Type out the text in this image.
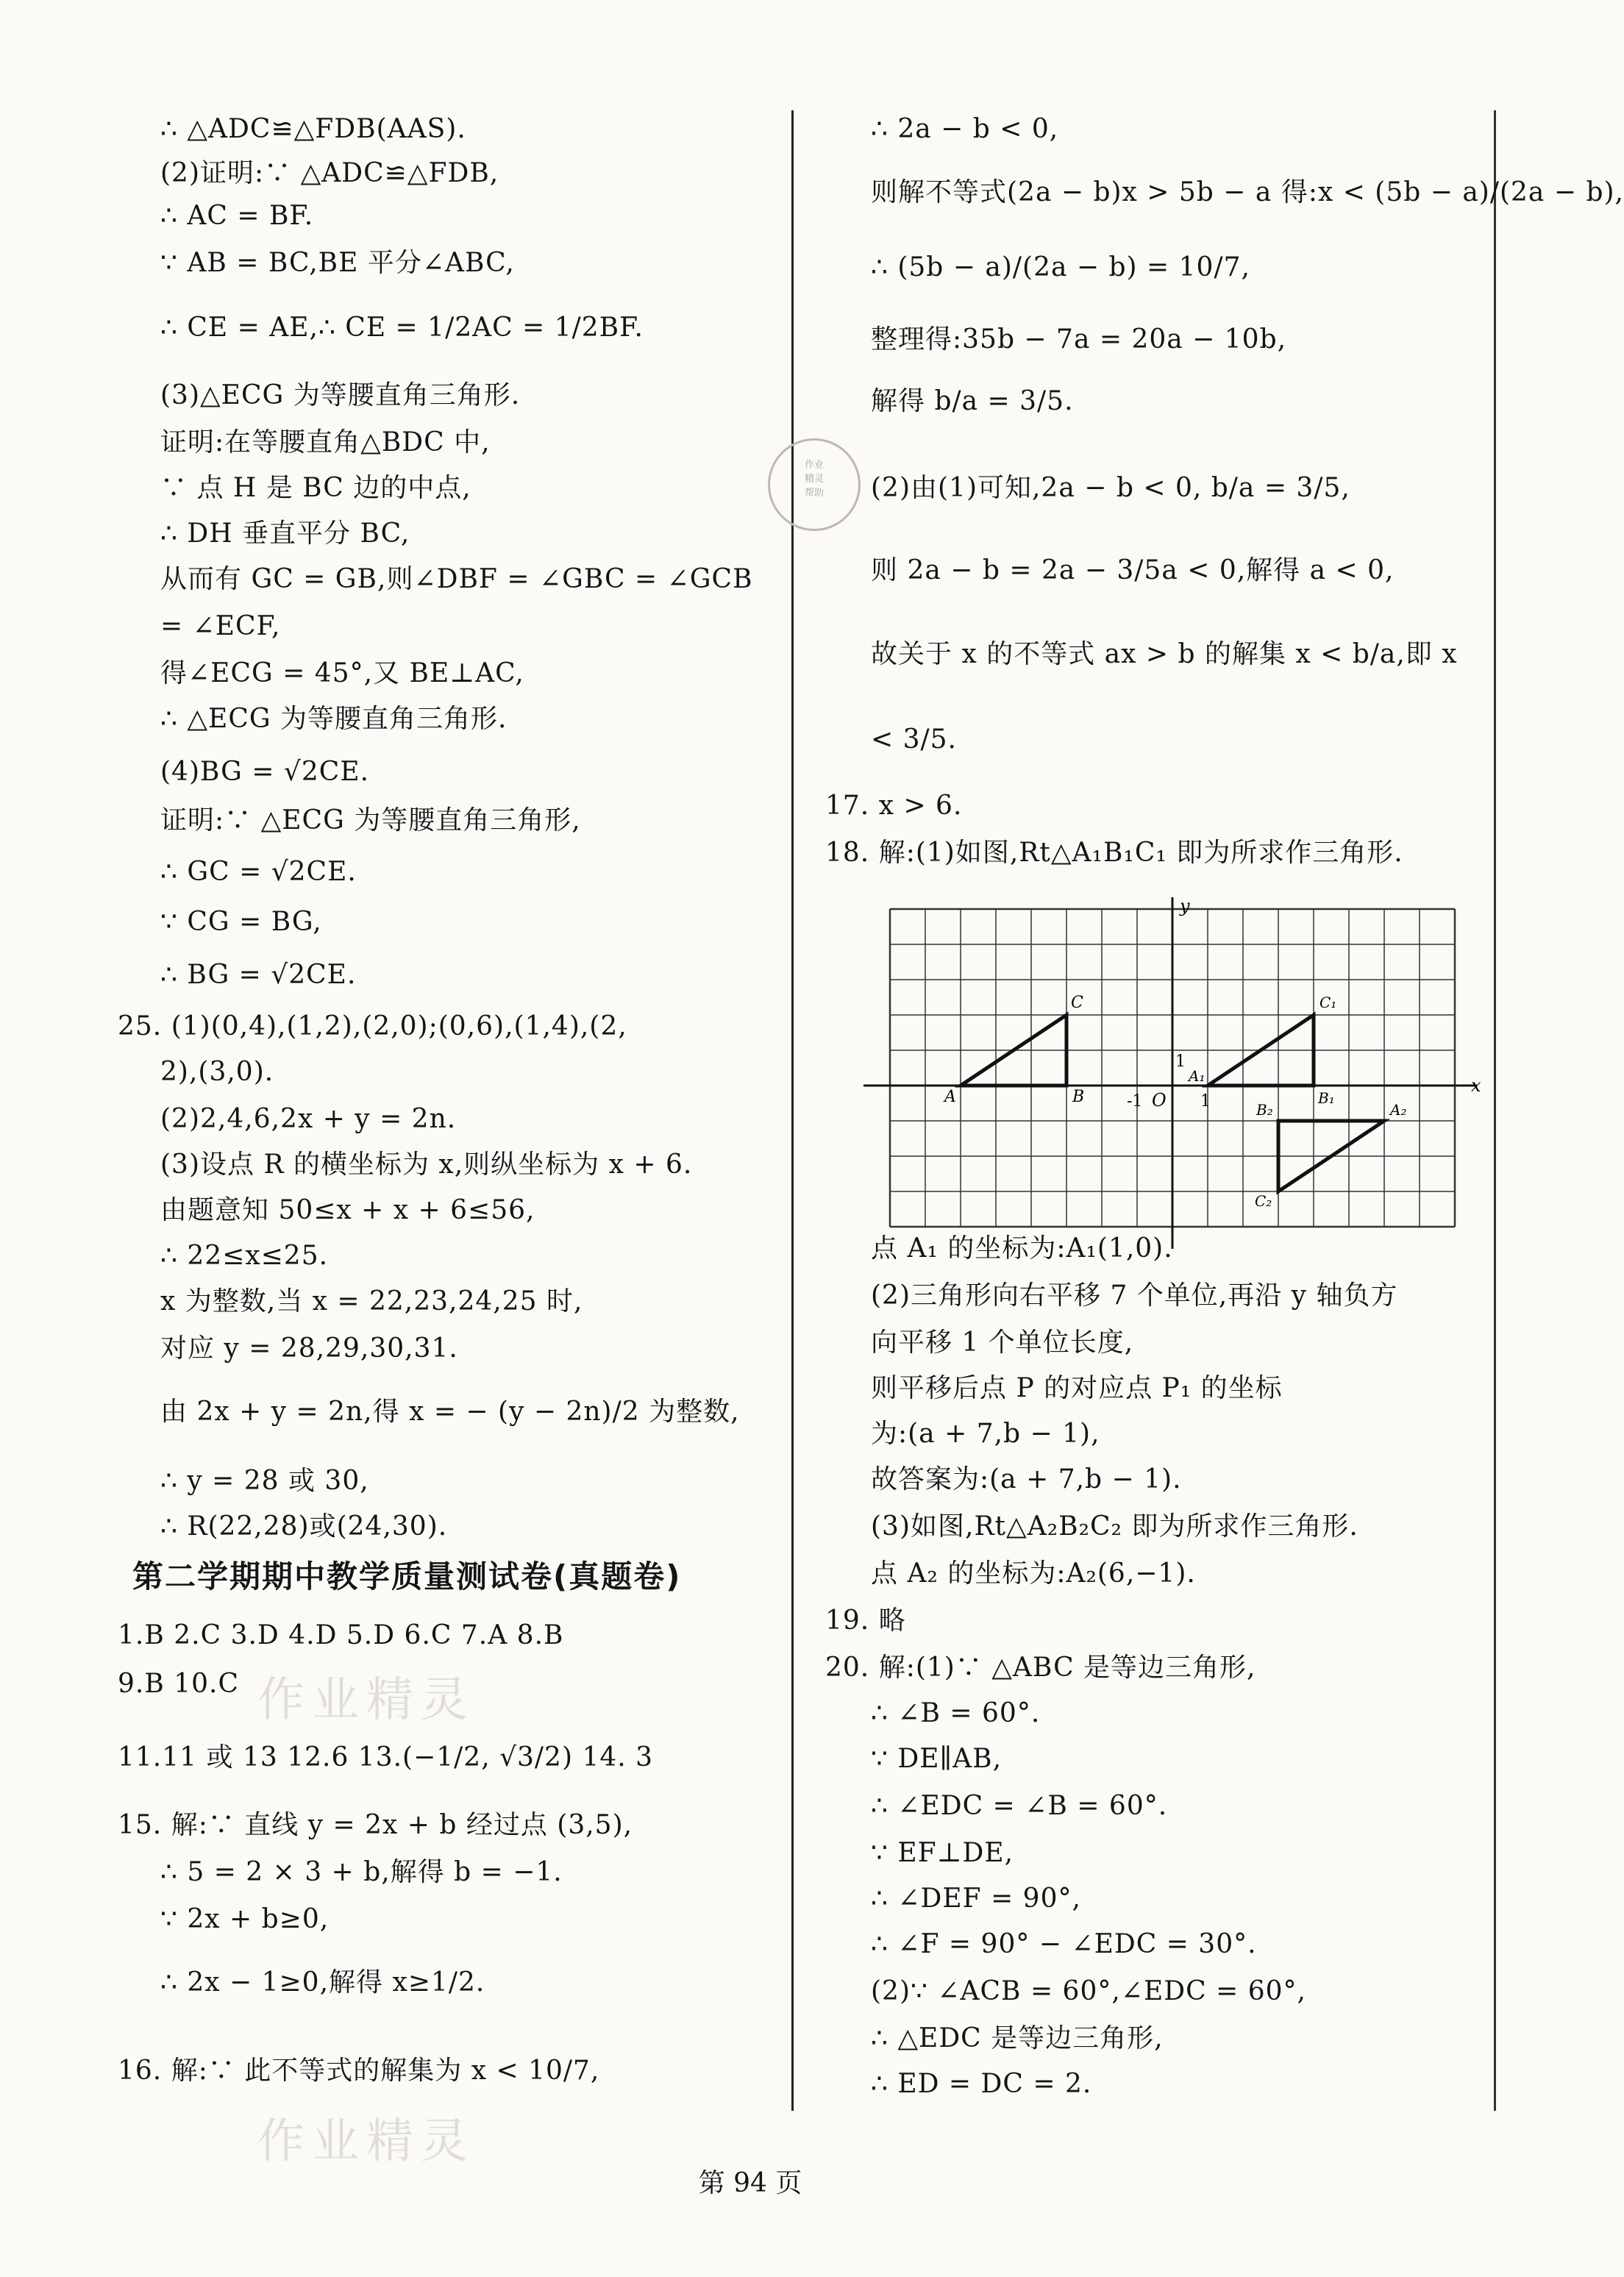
∴ △ADC≌△FDB(AAS).
(2)证明:∵ △ADC≌△FDB,
∴ AC = BF.
∵ AB = BC,BE 平分∠ABC,
∴ CE = AE,∴ CE = 1/2AC = 1/2BF.
(3)△ECG 为等腰直角三角形.
证明:在等腰直角△BDC 中,
∵ 点 H 是 BC 边的中点,
∴ DH 垂直平分 BC,
从而有 GC = GB,则∠DBF = ∠GBC = ∠GCB
= ∠ECF,
得∠ECG = 45°,又 BE⊥AC,
∴ △ECG 为等腰直角三角形.
(4)BG = √2CE.
证明:∵ △ECG 为等腰直角三角形,
∴ GC = √2CE.
∵ CG = BG,
∴ BG = √2CE.
25. (1)(0,4),(1,2),(2,0);(0,6),(1,4),(2,
2),(3,0).
(2)2,4,6,2x + y = 2n.
(3)设点 R 的横坐标为 x,则纵坐标为 x + 6.
由题意知 50≤x + x + 6≤56,
∴ 22≤x≤25.
x 为整数,当 x = 22,23,24,25 时,
对应 y = 28,29,30,31.
由 2x + y = 2n,得 x = − (y − 2n)/2 为整数,
∴ y = 28 或 30,
∴ R(22,28)或(24,30).
第二学期期中教学质量测试卷(真题卷)
1.B 2.C 3.D 4.D 5.D 6.C 7.A 8.B
9.B 10.C
11.11 或 13 12.6 13.(−1/2, √3/2) 14. 3
15. 解:∵ 直线 y = 2x + b 经过点 (3,5),
∴ 5 = 2 × 3 + b,解得 b = −1.
∵ 2x + b≥0,
∴ 2x − 1≥0,解得 x≥1/2.
16. 解:∵ 此不等式的解集为 x < 10/7,
∴ 2a − b < 0,
则解不等式(2a − b)x > 5b − a 得:x < (5b − a)/(2a − b),
∴ (5b − a)/(2a − b) = 10/7,
整理得:35b − 7a = 20a − 10b,
解得 b/a = 3/5.
(2)由(1)可知,2a − b < 0, b/a = 3/5,
则 2a − b = 2a − 3/5a < 0,解得 a < 0,
故关于 x 的不等式 ax > b 的解集 x < b/a,即 x
< 3/5.
17. x > 6.
18. 解:(1)如图,Rt△A₁B₁C₁ 即为所求作三角形.
点 A₁ 的坐标为:A₁(1,0).
(2)三角形向右平移 7 个单位,再沿 y 轴负方
向平移 1 个单位长度,
则平移后点 P 的对应点 P₁ 的坐标
为:(a + 7,b − 1),
故答案为:(a + 7,b − 1).
(3)如图,Rt△A₂B₂C₂ 即为所求作三角形.
点 A₂ 的坐标为:A₂(6,−1).
19. 略
20. 解:(1)∵ △ABC 是等边三角形,
∴ ∠B = 60°.
∵ DE∥AB,
∴ ∠EDC = ∠B = 60°.
∵ EF⊥DE,
∴ ∠DEF = 90°,
∴ ∠F = 90° − ∠EDC = 30°.
(2)∵ ∠ACB = 60°,∠EDC = 60°,
∴ △EDC 是等边三角形,
∴ ED = DC = 2.
x
y
O
-1	1
1
A	B
C
A₁
B₁
C₁
A₂
B₂
C₂
作业精灵
作业精灵
作业
精灵
帮助
第 94 页
